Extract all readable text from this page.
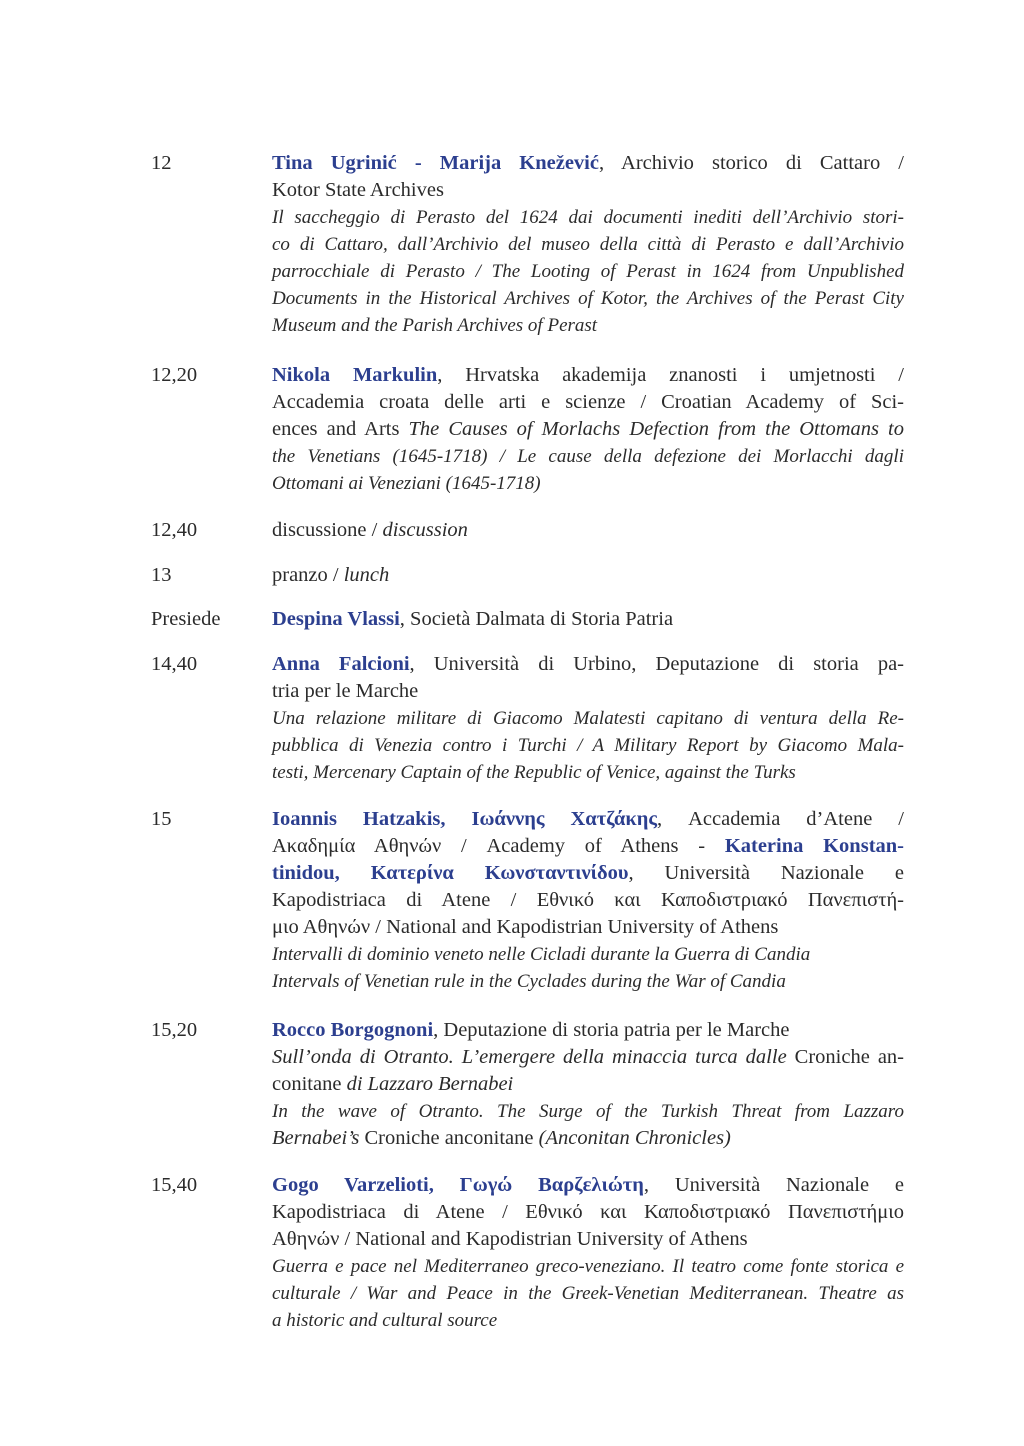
12	Tina Ugrinić - Marija Knežević, Archivio storico di Cattaro /
Kotor State Archives
Il saccheggio di Perasto del 1624 dai documenti inediti dell’Archivio stori-
co di Cattaro, dall’Archivio del museo della città di Perasto e dall’Archivio
parrocchiale di Perasto / The Looting of Perast in 1624 from Unpublished
Documents in the Historical Archives of Kotor, the Archives of the Perast City
Museum and the Parish Archives of Perast
12,20	Nikola Markulin, Hrvatska akademija znanosti i umjetnosti /
Accademia croata delle arti e scienze / Croatian Academy of Sci-
ences and Arts The Causes of Morlachs Defection from the Ottomans to
the Venetians (1645-1718) / Le cause della defezione dei Morlacchi dagli
Ottomani ai Veneziani (1645-1718)
12,40	discussione / discussion
13	pranzo / lunch
Presiede	Despina Vlassi, Società Dalmata di Storia Patria
14,40	Anna Falcioni, Università di Urbino, Deputazione di storia pa-
tria per le Marche
Una relazione militare di Giacomo Malatesti capitano di ventura della Re-
pubblica di Venezia contro i Turchi / A Military Report by Giacomo Mala-
testi, Mercenary Captain of the Republic of Venice, against the Turks
15	Ioannis Hatzakis, Ιωάννης Χατζάκης, Accademia d’Atene /
Ακαδημία Αθηνών / Academy of Athens - Katerina Konstan-
tinidou, Κατερίνα Κωνσταντινίδου, Università Nazionale e
Kapodistriaca di Atene / Εθνικό και Καποδιστριακό Πανεπιστή-
μιο Αθηνών / National and Kapodistrian University of Athens
Intervalli di dominio veneto nelle Cicladi durante la Guerra di Candia
Intervals of Venetian rule in the Cyclades during the War of Candia
15,20	Rocco Borgognoni, Deputazione di storia patria per le Marche
Sull’onda di Otranto. L’emergere della minaccia turca dalle Croniche an-
conitane di Lazzaro Bernabei
In the wave of Otranto. The Surge of the Turkish Threat from Lazzaro
Bernabei’s Croniche anconitane (Anconitan Chronicles)
15,40	Gogo Varzelioti, Γωγώ Βαρζελιώτη, Università Nazionale e
Kapodistriaca di Atene / Εθνικό και Καποδιστριακό Πανεπιστήμιο
Αθηνών / National and Kapodistrian University of Athens
Guerra e pace nel Mediterraneo greco-veneziano. Il teatro come fonte storica e
culturale / War and Peace in the Greek-Venetian Mediterranean. Theatre as
a historic and cultural source
